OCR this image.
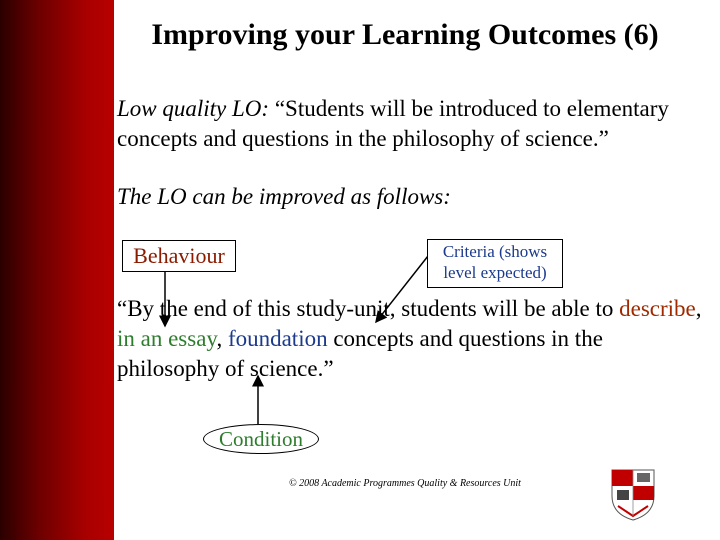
Improving your Learning Outcomes (6)
Low quality LO: “Students will be introduced to elementary concepts and questions in the philosophy of science.”
The LO can be improved as follows:
“By the end of this study-unit, students will be able to describe, in an essay, foundation concepts and questions in the philosophy of science.”
Behaviour	Criteria (shows level expected)
Condition
© 2008 Academic Programmes Quality & Resources Unit
